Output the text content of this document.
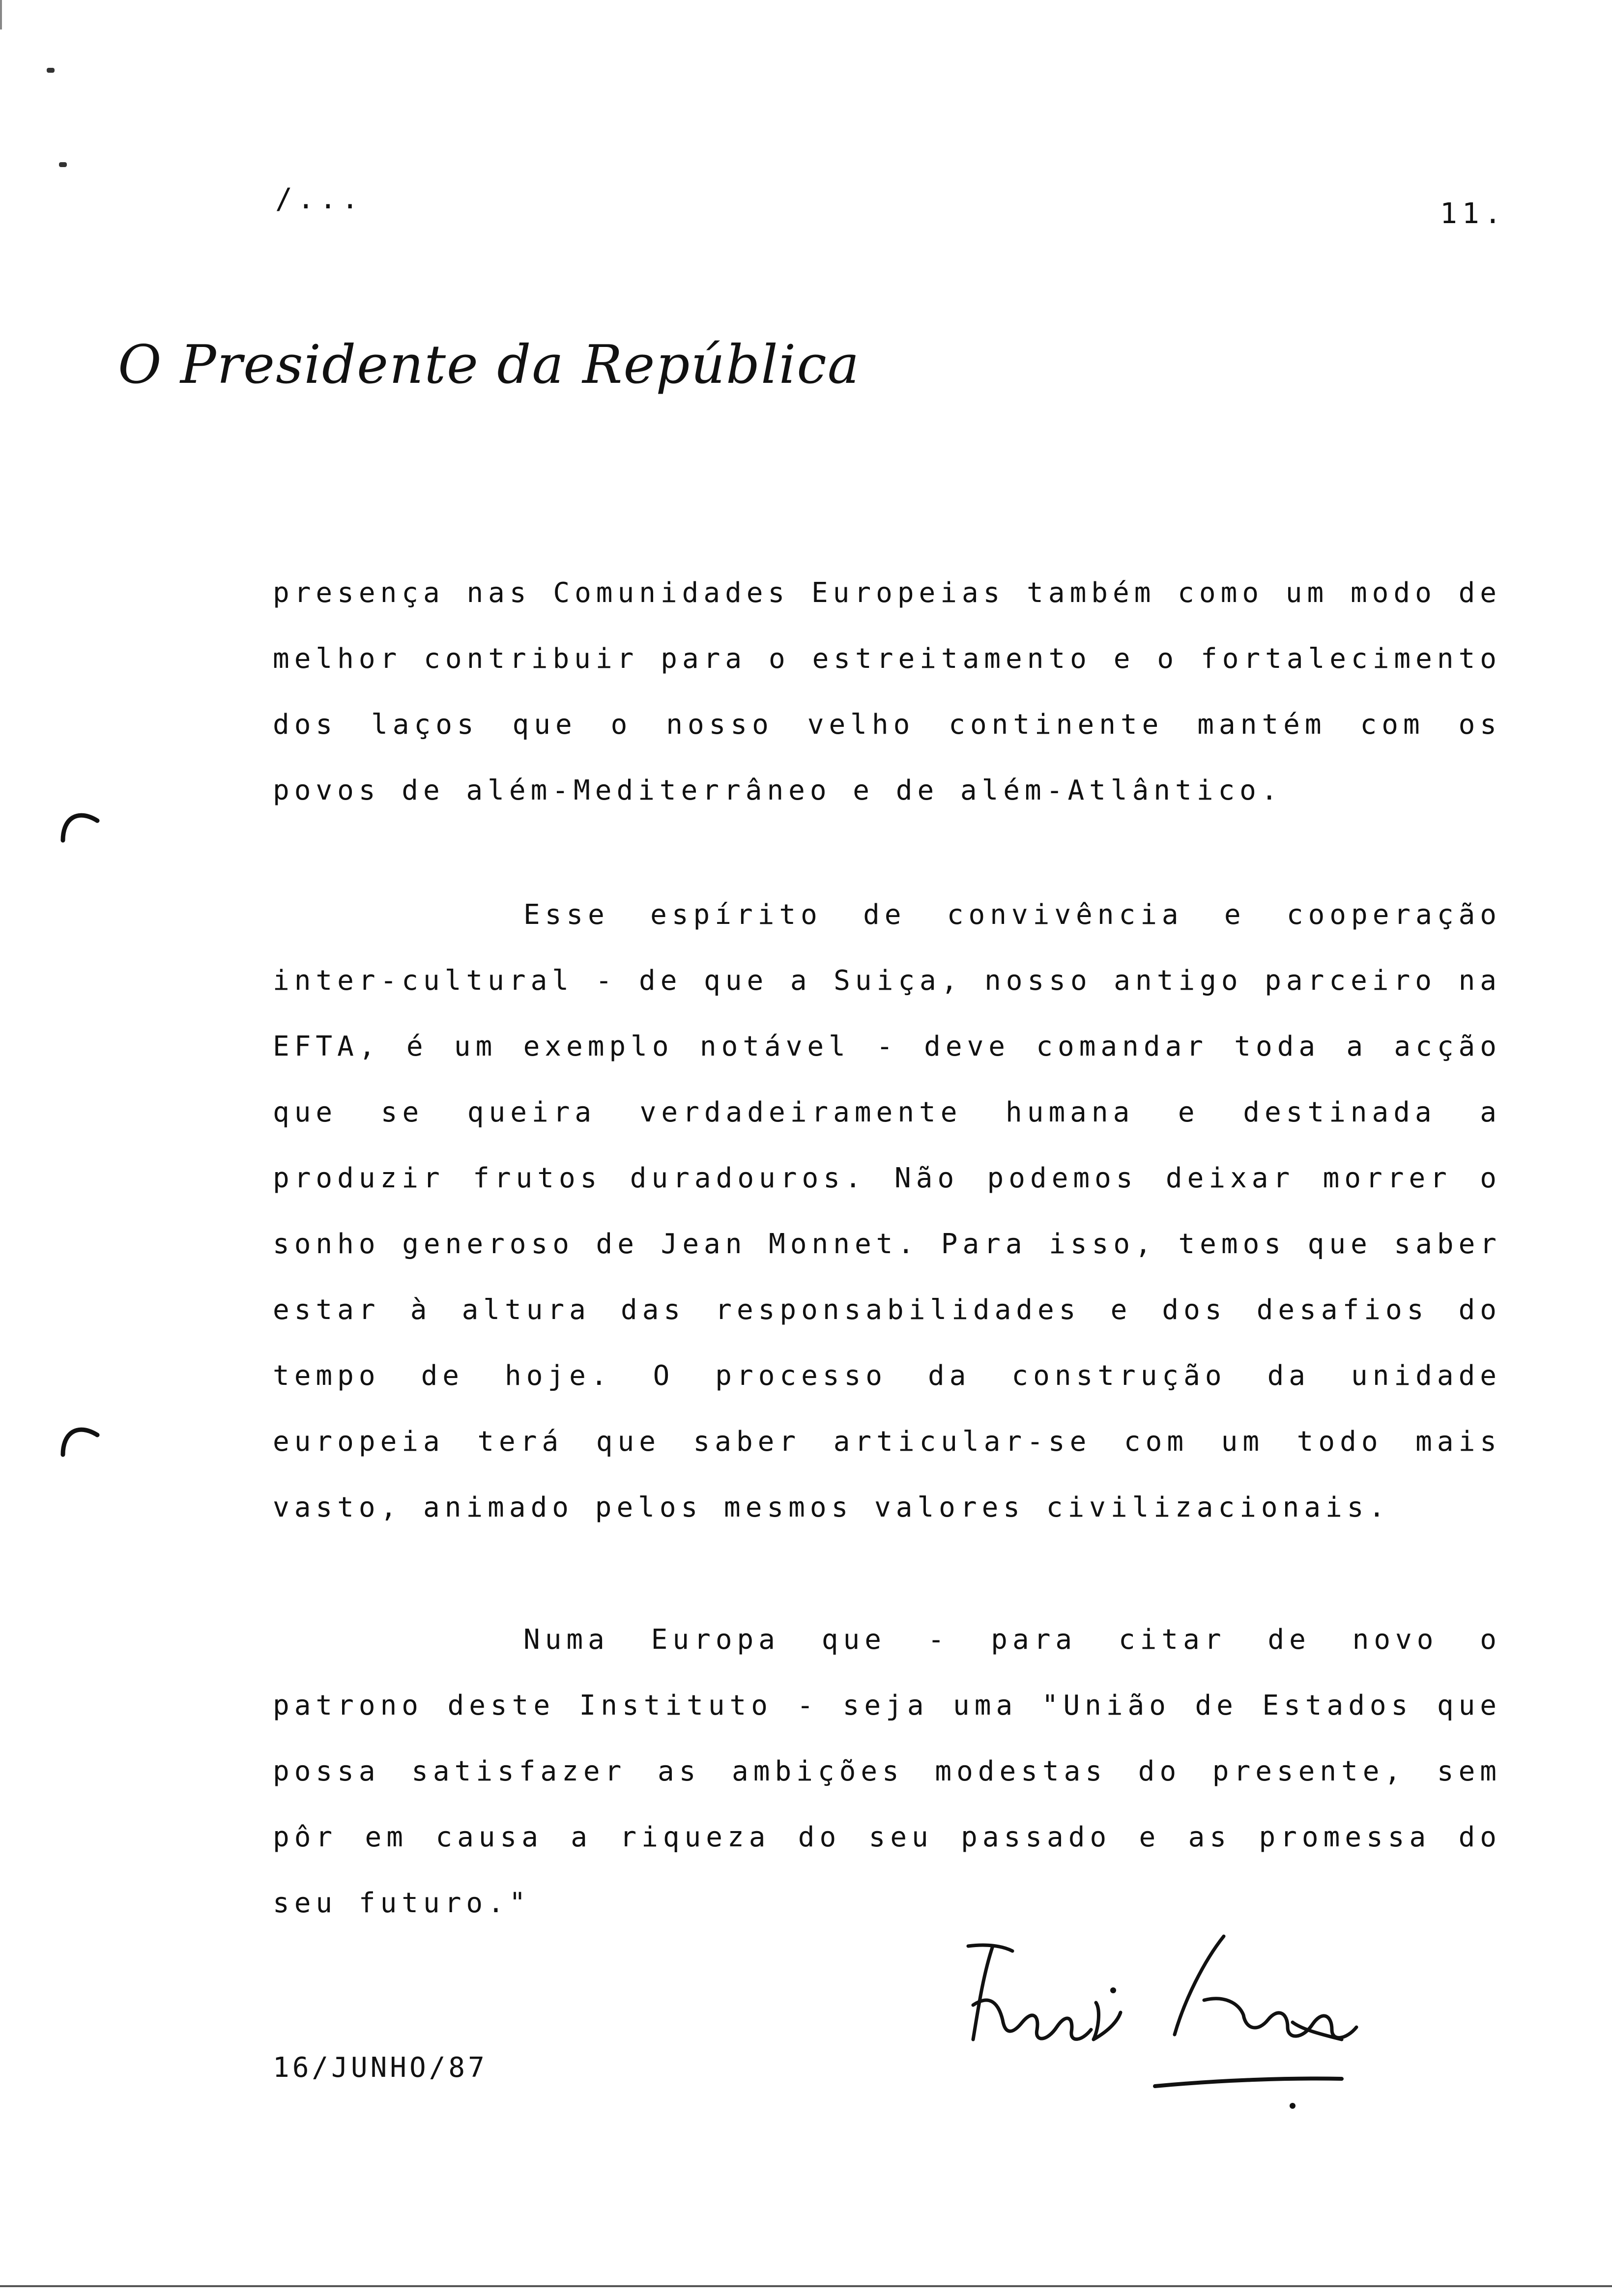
/...	11.
O Presidente da República

presença nas Comunidades Europeias também como um modo de melhor contribuir para o estreitamento e o fortalecimento dos laços que o nosso velho continente mantém com os povos de além-Mediterrâneo e de além-Atlântico.

Esse espírito de convivência e cooperação inter-cultural - de que a Suiça, nosso antigo parceiro na EFTA, é um exemplo notável - deve comandar toda a acção que se queira verdadeiramente humana e destinada a produzir frutos duradouros. Não podemos deixar morrer o sonho generoso de Jean Monnet. Para isso, temos que saber estar à altura das responsabilidades e dos desafios do tempo de hoje. O processo da construção da unidade europeia terá que saber articular-se com um todo mais vasto, animado pelos mesmos valores civilizacionais.

Numa Europa que - para citar de novo o patrono deste Instituto - seja uma "União de Estados que possa satisfazer as ambições modestas do presente, sem pôr em causa a riqueza do seu passado e as promessa do seu futuro."

16/JUNHO/87
